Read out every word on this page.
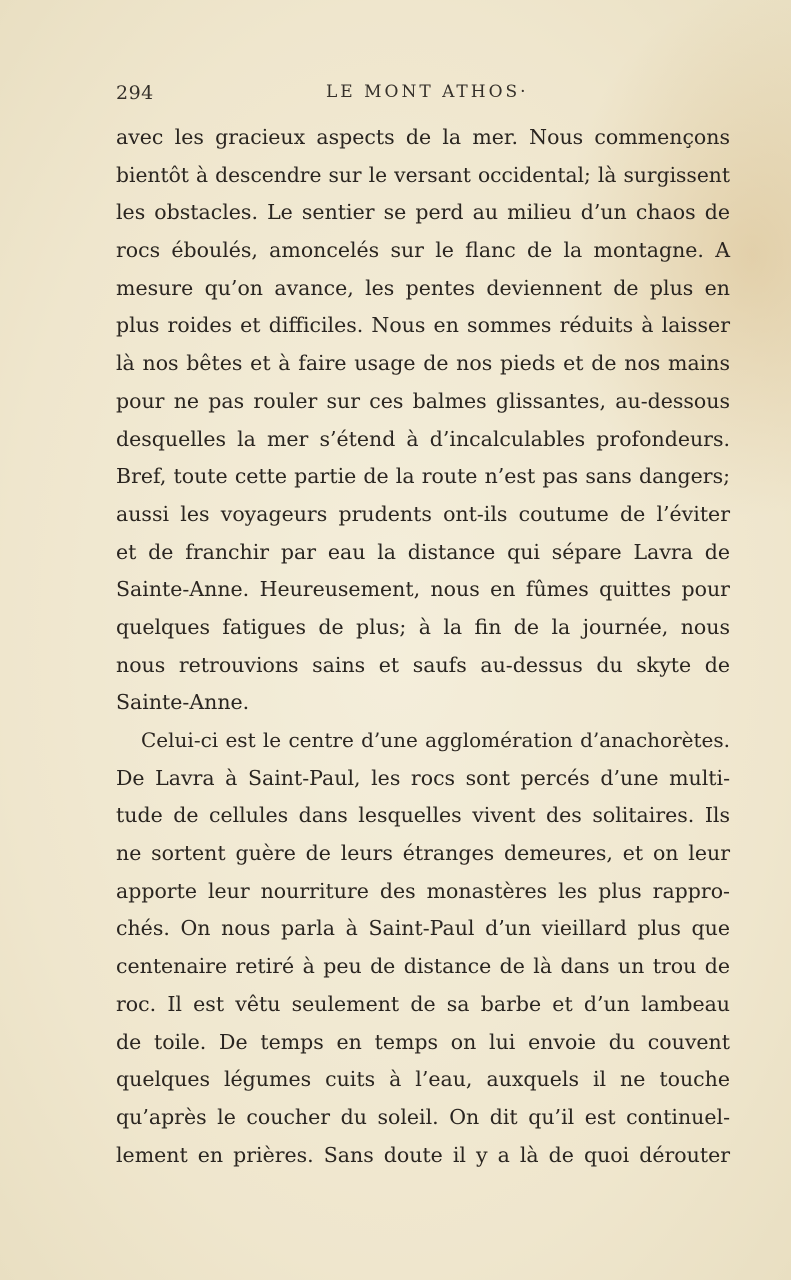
294	LE MONT ATHOS·
avec les gracieux aspects de la mer. Nous commençons
bientôt à descendre sur le versant occidental; là surgissent
les obstacles. Le sentier se perd au milieu d’un chaos de
rocs éboulés, amoncelés sur le flanc de la montagne. A
mesure qu’on avance, les pentes deviennent de plus en
plus roides et difficiles. Nous en sommes réduits à laisser
là nos bêtes et à faire usage de nos pieds et de nos mains
pour ne pas rouler sur ces balmes glissantes, au-dessous
desquelles la mer s’étend à d’incalculables profondeurs.
Bref, toute cette partie de la route n’est pas sans dangers;
aussi les voyageurs prudents ont-ils coutume de l’éviter
et de franchir par eau la distance qui sépare Lavra de
Sainte-Anne. Heureusement, nous en fûmes quittes pour
quelques fatigues de plus; à la fin de la journée, nous
nous retrouvions sains et saufs au-dessus du skyte de
Sainte-Anne.
Celui-ci est le centre d’une agglomération d’anachorètes.
De Lavra à Saint-Paul, les rocs sont percés d’une multi-
tude de cellules dans lesquelles vivent des solitaires. Ils
ne sortent guère de leurs étranges demeures, et on leur
apporte leur nourriture des monastères les plus rappro-
chés. On nous parla à Saint-Paul d’un vieillard plus que
centenaire retiré à peu de distance de là dans un trou de
roc. Il est vêtu seulement de sa barbe et d’un lambeau
de toile. De temps en temps on lui envoie du couvent
quelques légumes cuits à l’eau, auxquels il ne touche
qu’après le coucher du soleil. On dit qu’il est continuel-
lement en prières. Sans doute il y a là de quoi dérouter
